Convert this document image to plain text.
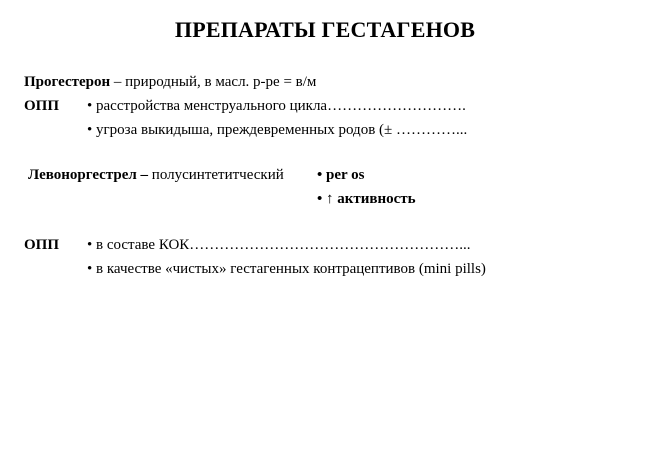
ПРЕПАРАТЫ ГЕСТАГЕНОВ
Прогестерон – природный, в масл. р-ре = в/м
ОПП • расстройства менструального цикла……………………….
• угроза выкидыша, преждевременных родов (± …………...
Левоноргестрел – полусинтетитческий • per os
• ↑ активность
ОПП • в составе КОК………………………………………………...
• в качестве «чистых» гестагенных контрацептивов (mini pills)
